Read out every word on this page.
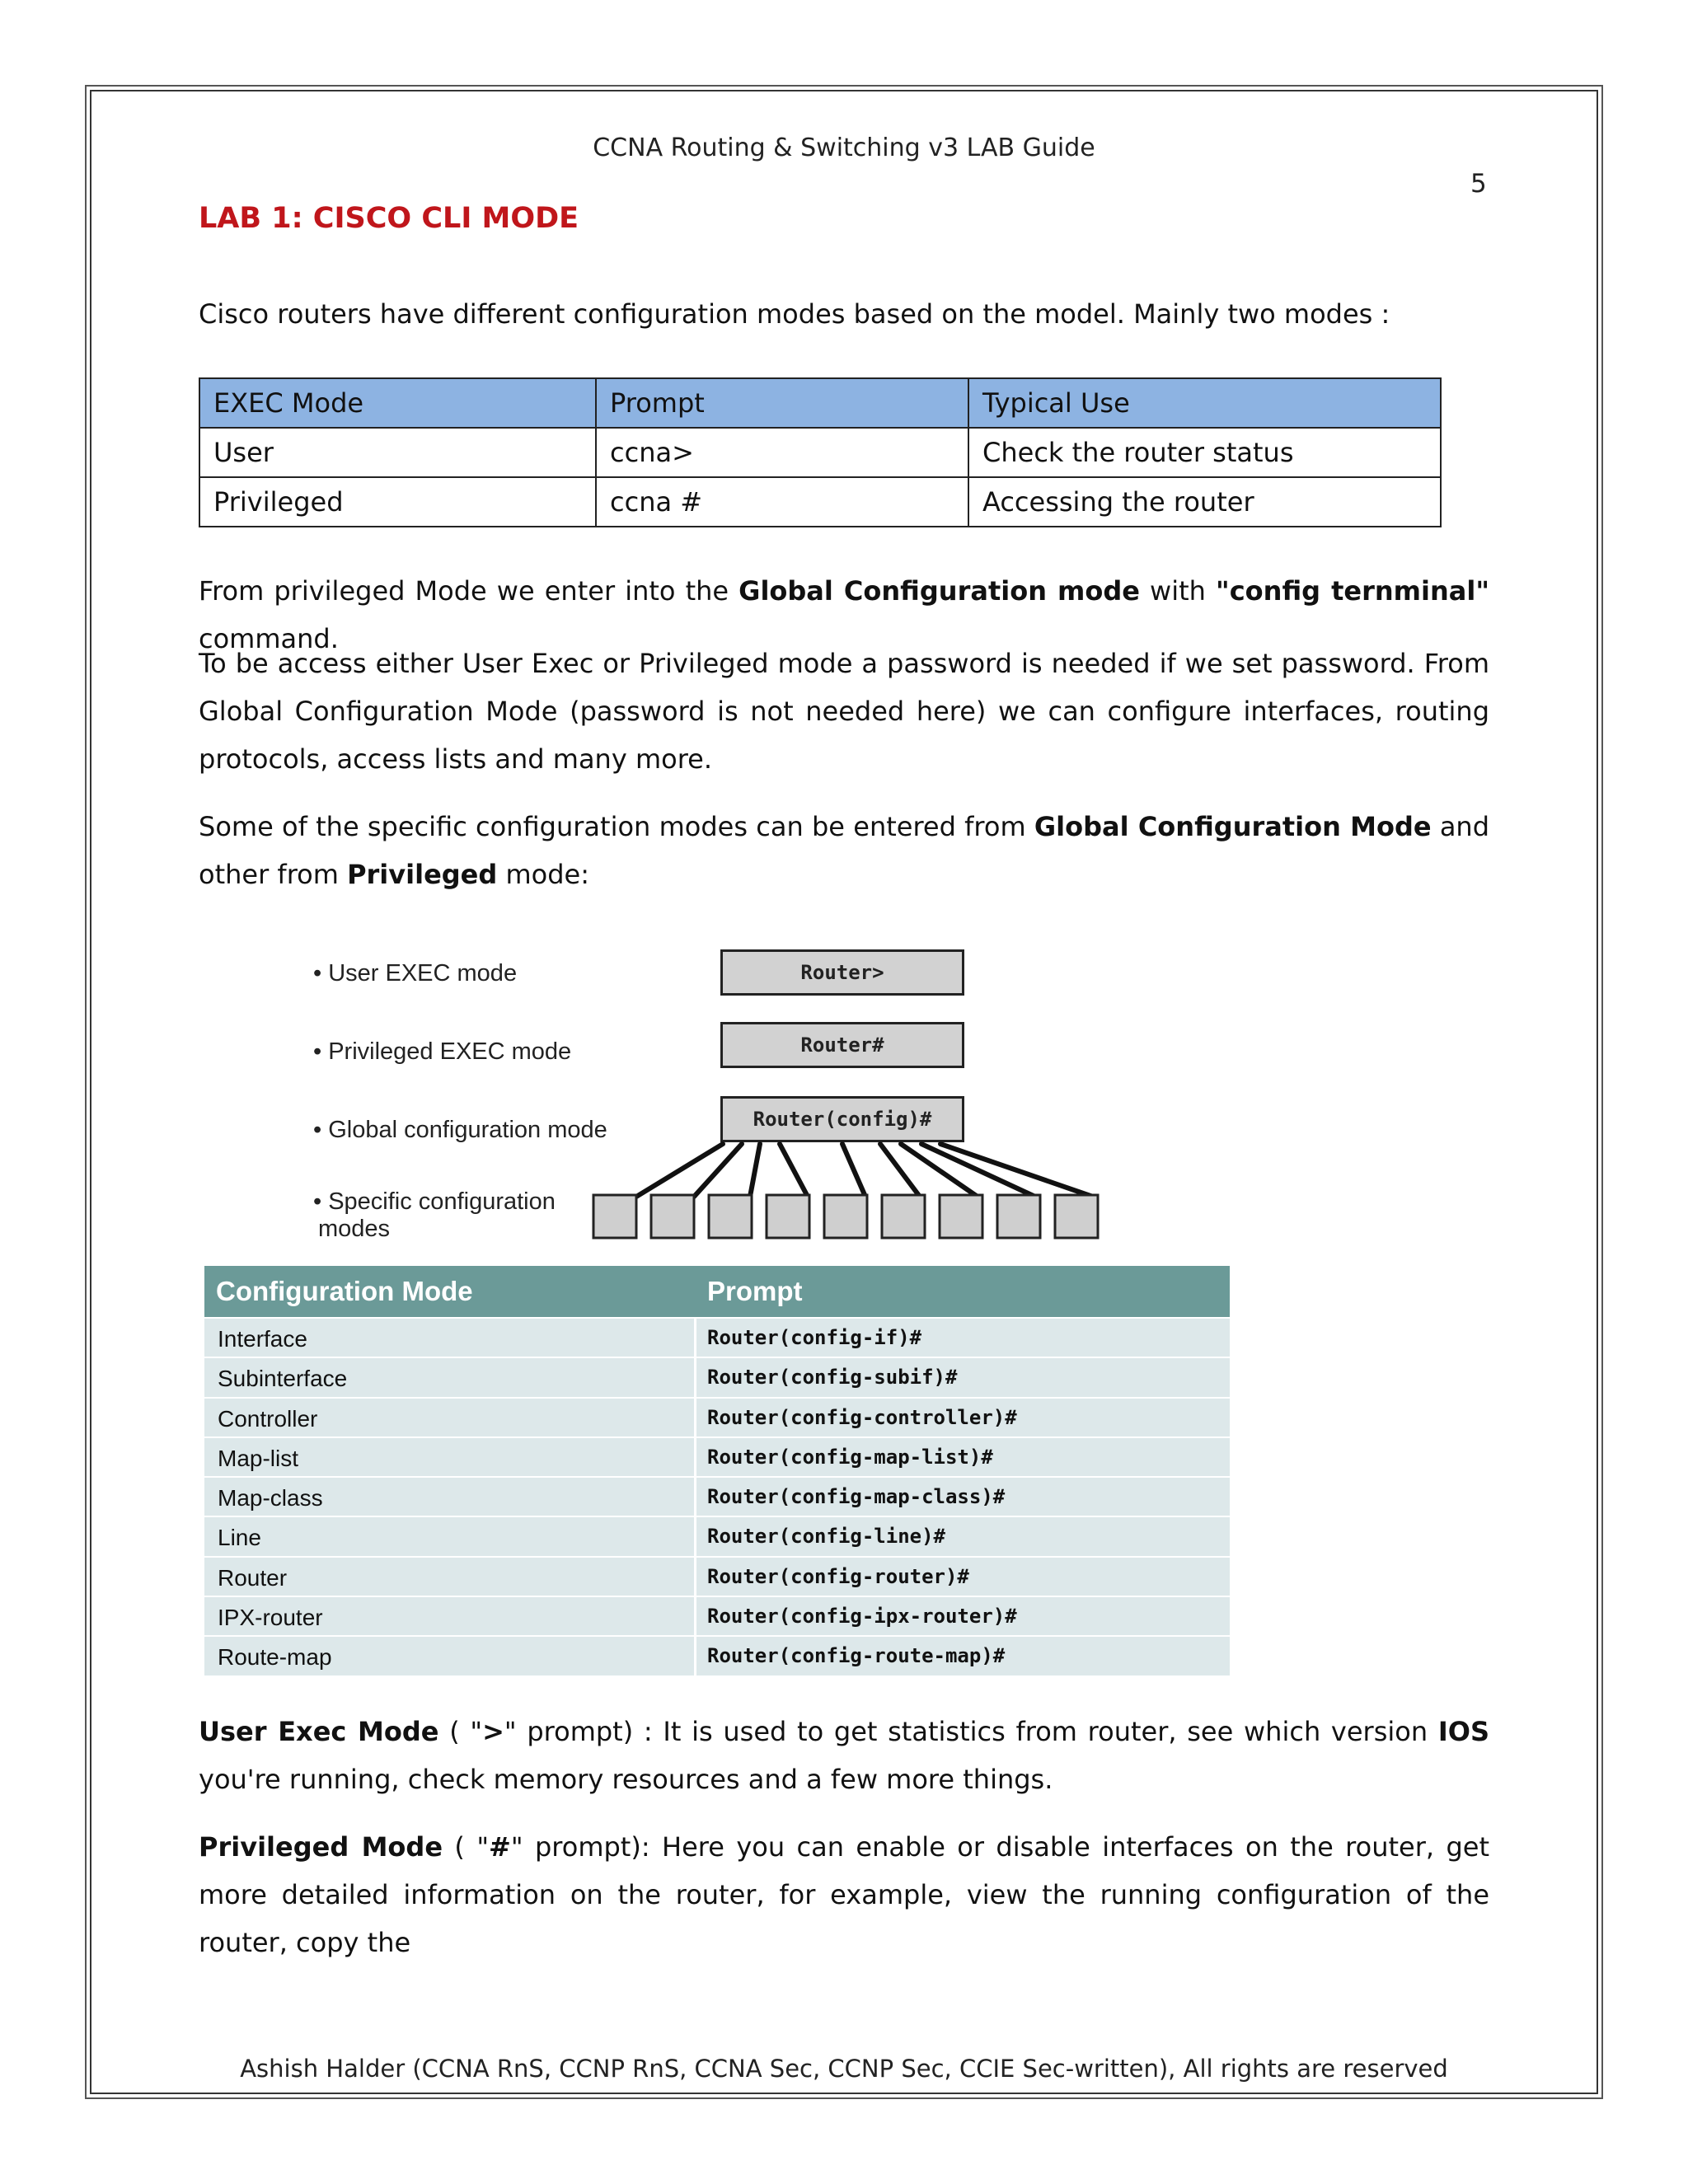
CCNA Routing & Switching v3 LAB Guide
5
LAB 1: CISCO CLI MODE
Cisco routers have different configuration modes based on the model. Mainly two modes :
EXEC Mode	Prompt	Typical Use
User	ccna>	Check the router status
Privileged	ccna #	Accessing the router
From privileged Mode we enter into the Global Configuration mode with "config ternminal" command.
To be access either User Exec or Privileged mode a password is needed if we set password. From Global Configuration Mode (password is not needed here) we can configure interfaces, routing protocols, access lists and many more.
Some of the specific configuration modes can be entered from Global Configuration Mode and other from Privileged mode:
• User EXEC mode
• Privileged EXEC mode
• Global configuration mode
• Specific configuration
modes
Router>
Router#
Router(config)#
Configuration Mode	Prompt
Interface	Router(config-if)#
Subinterface	Router(config-subif)#
Controller	Router(config-controller)#
Map-list	Router(config-map-list)#
Map-class	Router(config-map-class)#
Line	Router(config-line)#
Router	Router(config-router)#
IPX-router	Router(config-ipx-router)#
Route-map	Router(config-route-map)#
User Exec Mode ( ">" prompt) : It is used to get statistics from router, see which version IOS you're running, check memory resources and a few more things.
Privileged Mode ( "#" prompt): Here you can enable or disable interfaces on the router, get more detailed information on the router, for example, view the running configuration of the router, copy the
Ashish Halder (CCNA RnS, CCNP RnS, CCNA Sec, CCNP Sec, CCIE Sec-written), All rights are reserved
